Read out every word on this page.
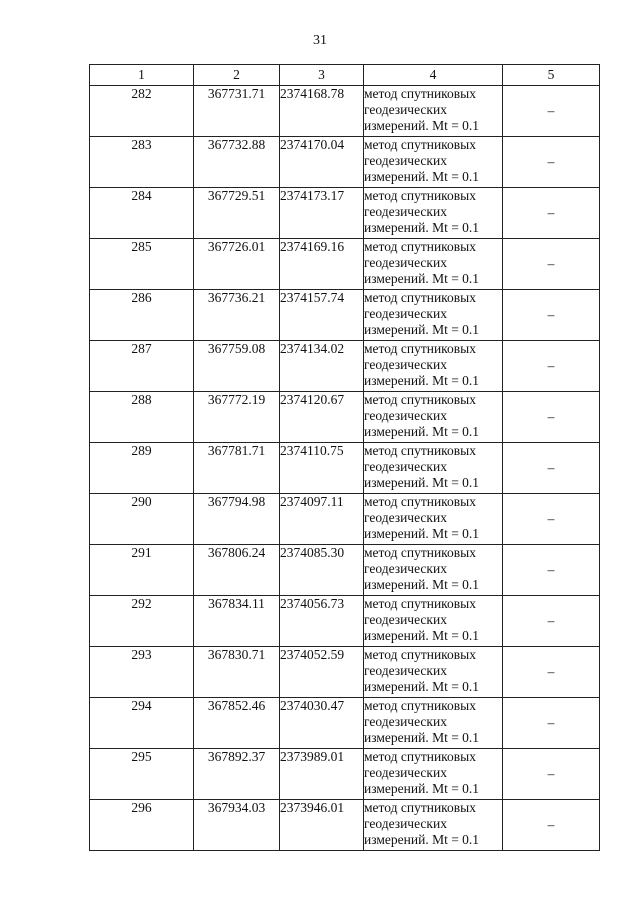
31
1	2	3	4	5
282	367731.71	2374168.78	метод спутниковых
геодезических
измерений. Mt = 0.1	–
283	367732.88	2374170.04	метод спутниковых
геодезических
измерений. Mt = 0.1	–
284	367729.51	2374173.17	метод спутниковых
геодезических
измерений. Mt = 0.1	–
285	367726.01	2374169.16	метод спутниковых
геодезических
измерений. Mt = 0.1	–
286	367736.21	2374157.74	метод спутниковых
геодезических
измерений. Mt = 0.1	–
287	367759.08	2374134.02	метод спутниковых
геодезических
измерений. Mt = 0.1	–
288	367772.19	2374120.67	метод спутниковых
геодезических
измерений. Mt = 0.1	–
289	367781.71	2374110.75	метод спутниковых
геодезических
измерений. Mt = 0.1	–
290	367794.98	2374097.11	метод спутниковых
геодезических
измерений. Mt = 0.1	–
291	367806.24	2374085.30	метод спутниковых
геодезических
измерений. Mt = 0.1	–
292	367834.11	2374056.73	метод спутниковых
геодезических
измерений. Mt = 0.1	–
293	367830.71	2374052.59	метод спутниковых
геодезических
измерений. Mt = 0.1	–
294	367852.46	2374030.47	метод спутниковых
геодезических
измерений. Mt = 0.1	–
295	367892.37	2373989.01	метод спутниковых
геодезических
измерений. Mt = 0.1	–
296	367934.03	2373946.01	метод спутниковых
геодезических
измерений. Mt = 0.1	–
